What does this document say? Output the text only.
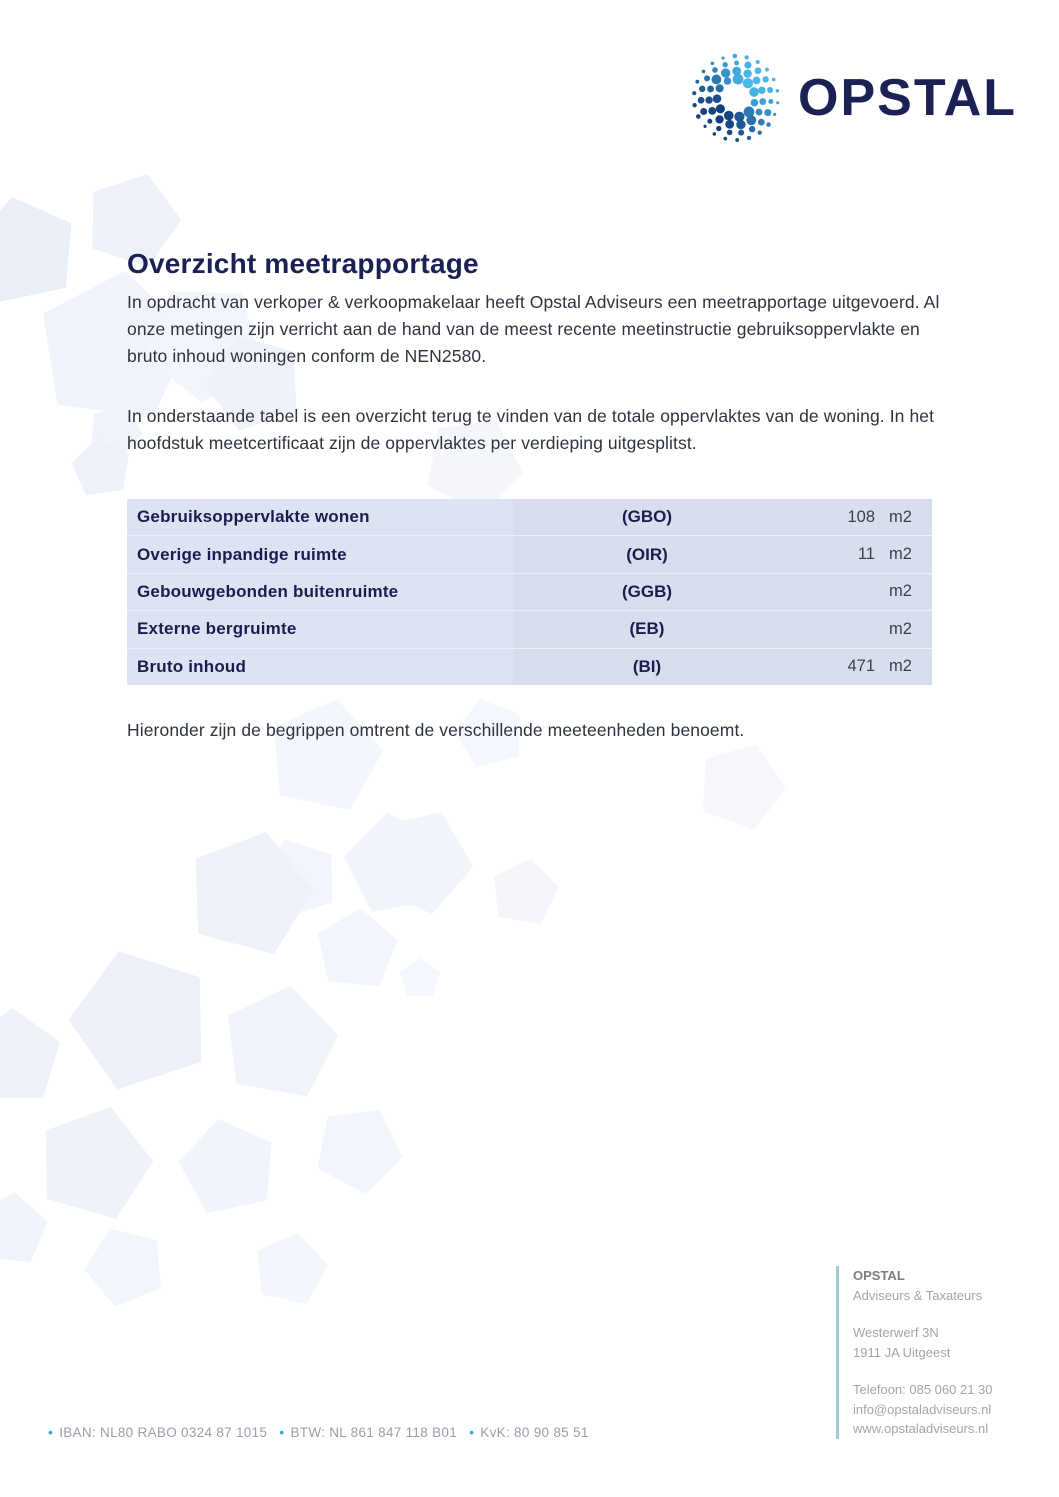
OPSTAL
Overzicht meetrapportage
In opdracht van verkoper & verkoopmakelaar heeft Opstal Adviseurs een meetrapportage uitgevoerd. Al onze metingen zijn verricht aan de hand van de meest recente meetinstructie gebruiksoppervlakte en bruto inhoud woningen conform de NEN2580.
In onderstaande tabel is een overzicht terug te vinden van de totale oppervlaktes van de woning. In het hoofdstuk meetcertificaat zijn de oppervlaktes per verdieping uitgesplitst.
Gebruiksoppervlakte wonen	(GBO)	108 m2
Overige inpandige ruimte	(OIR)	11 m2
Gebouwgebonden buitenruimte	(GGB)	m2
Externe bergruimte	(EB)	m2
Bruto inhoud	(BI)	471 m2
Hieronder zijn de begrippen omtrent de verschillende meeteenheden benoemt.
OPSTAL
Adviseurs & Taxateurs
Westerwerf 3N
1911 JA Uitgeest
Telefoon: 085 060 21 30
info@opstaladviseurs.nl
www.opstaladviseurs.nl
• IBAN: NL80 RABO 0324 87 1015 • BTW: NL 861 847 118 B01 • KvK: 80 90 85 51
